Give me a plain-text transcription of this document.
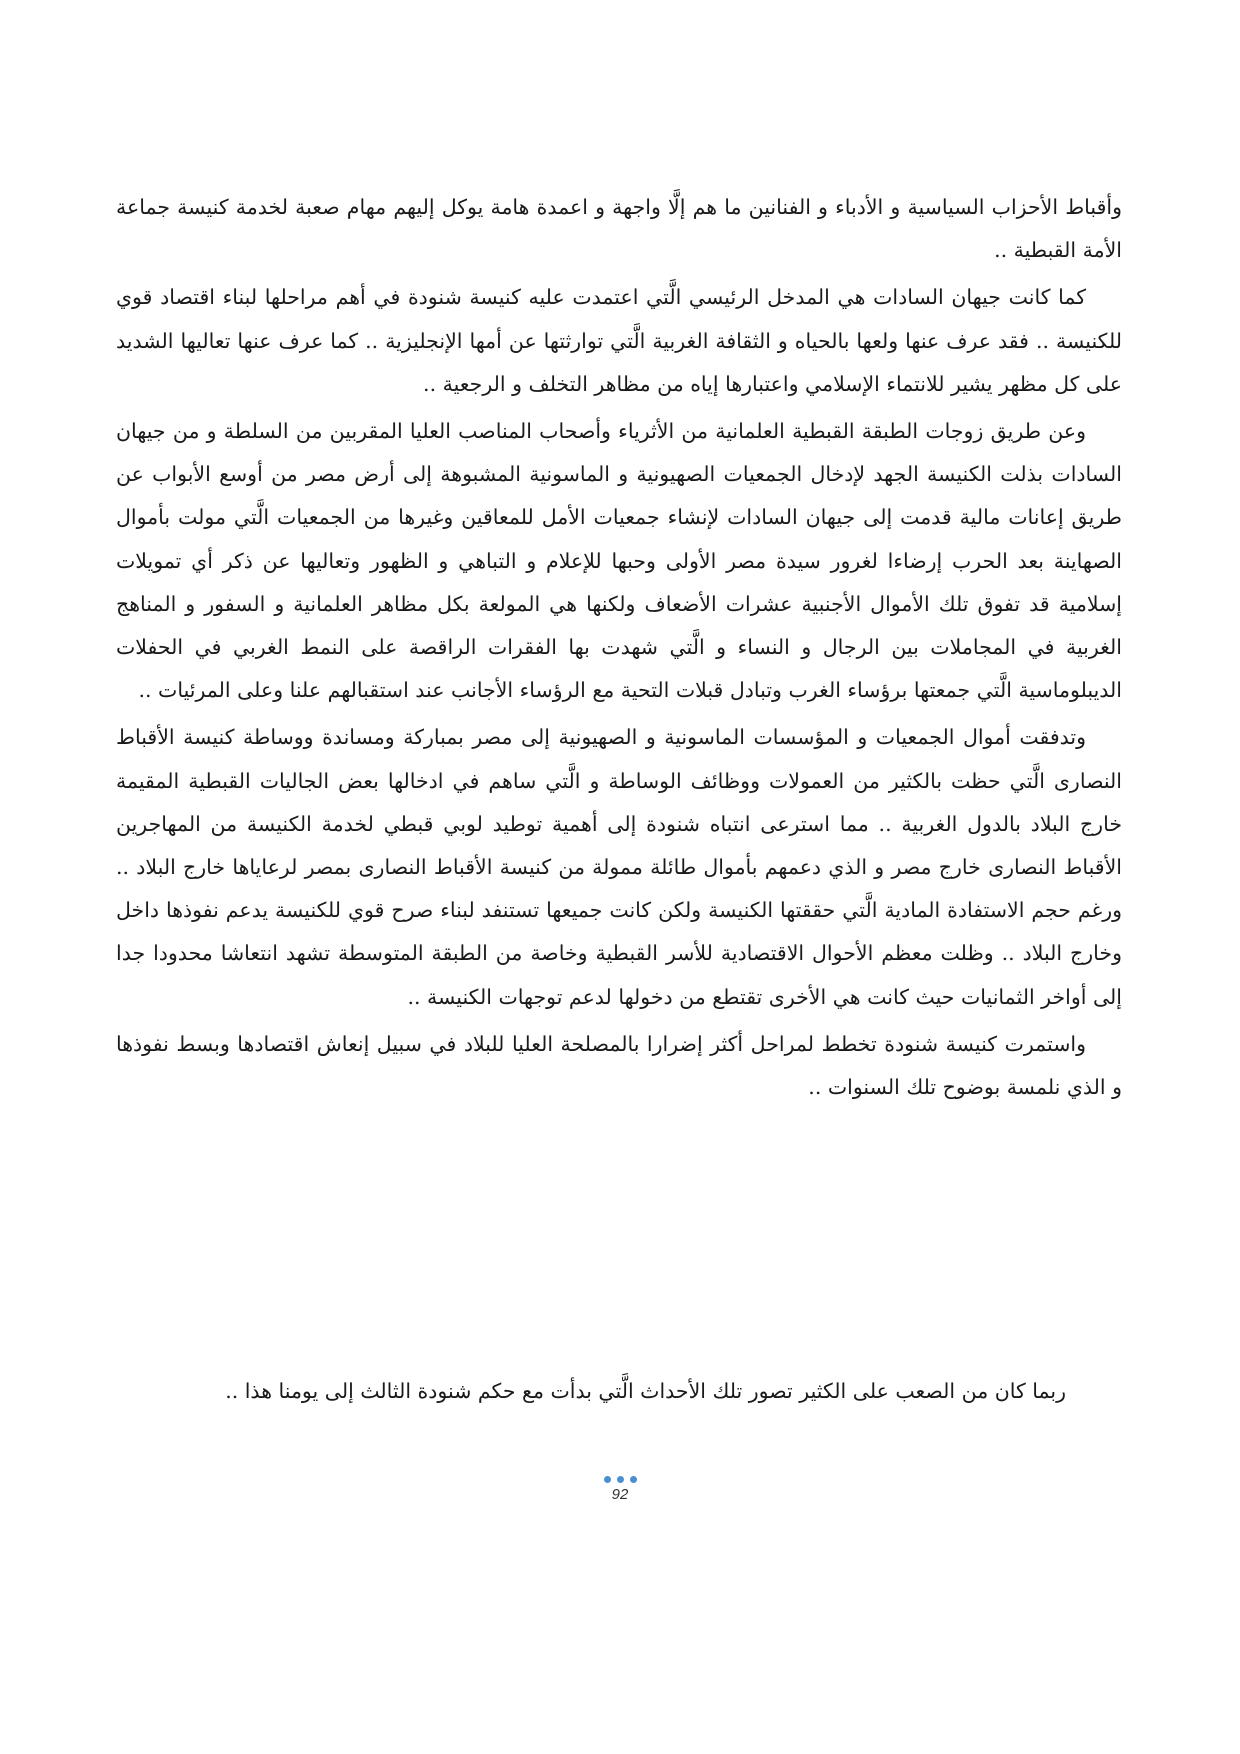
وأقباط الأحزاب السياسية و الأدباء و الفنانين ما هم إلَّا واجهة و اعمدة هامة يوكل إليهم مهام صعبة لخدمة كنيسة جماعة الأمة القبطية ..

كما كانت جيهان السادات هي المدخل الرئيسي الَّتي اعتمدت عليه كنيسة شنودة في أهم مراحلها لبناء اقتصاد قوي للكنيسة .. فقد عرف عنها ولعها بالحياه و الثقافة الغربية الَّتي توارثتها عن أمها الإنجليزية .. كما عرف عنها تعاليها الشديد على كل مظهر يشير للانتماء الإسلامي واعتبارها إياه من مظاهر التخلف و الرجعية ..

وعن طريق زوجات الطبقة القبطية العلمانية من الأثرياء وأصحاب المناصب العليا المقربين من السلطة و من جيهان السادات بذلت الكنيسة الجهد لإدخال الجمعيات الصهيونية و الماسونية المشبوهة إلى أرض مصر من أوسع الأبواب عن طريق إعانات مالية قدمت إلى جيهان السادات لإنشاء جمعيات الأمل للمعاقين وغيرها من الجمعيات الَّتي مولت بأموال الصهاينة بعد الحرب إرضاءا لغرور سيدة مصر الأولى وحبها للإعلام و التباهي و الظهور وتعاليها عن ذكر أي تمويلات إسلامية قد تفوق تلك الأموال الأجنبية عشرات الأضعاف ولكنها هي المولعة بكل مظاهر العلمانية و السفور و المناهج الغربية في المجاملات بين الرجال و النساء و الَّتي شهدت بها الفقرات الراقصة على النمط الغربي في الحفلات الديبلوماسية الَّتي جمعتها برؤساء الغرب وتبادل قبلات التحية مع الرؤساء الأجانب عند استقبالهم علنا وعلى المرئيات ..

وتدفقت أموال الجمعيات و المؤسسات الماسونية و الصهيونية إلى مصر بمباركة ومساندة ووساطة كنيسة الأقباط النصارى الَّتي حظت بالكثير من العمولات ووظائف الوساطة و الَّتي ساهم في ادخالها بعض الجاليات القبطية المقيمة خارج البلاد بالدول الغربية .. مما استرعى انتباه شنودة إلى أهمية توطيد لوبي قبطي لخدمة الكنيسة من المهاجرين الأقباط النصارى خارج مصر و الذي دعمهم بأموال طائلة ممولة من كنيسة الأقباط النصارى بمصر لرعاياها خارج البلاد .. ورغم حجم الاستفادة المادية الَّتي حققتها الكنيسة ولكن كانت جميعها تستنفد لبناء صرح قوي للكنيسة يدعم نفوذها داخل وخارج البلاد .. وظلت معظم الأحوال الاقتصادية للأسر القبطية وخاصة من الطبقة المتوسطة تشهد انتعاشا محدودا جدا إلى أواخر الثمانيات حيث كانت هي الأخرى تقتطع من دخولها لدعم توجهات الكنيسة ..

واستمرت كنيسة شنودة تخطط لمراحل أكثر إضرارا بالمصلحة العليا للبلاد في سبيل إنعاش اقتصادها وبسط نفوذها و الذي نلمسة بوضوح تلك السنوات ..

ربما كان من الصعب على الكثير تصور تلك الأحداث الَّتي بدأت مع حكم شنودة الثالث إلى يومنا هذا ..
92
